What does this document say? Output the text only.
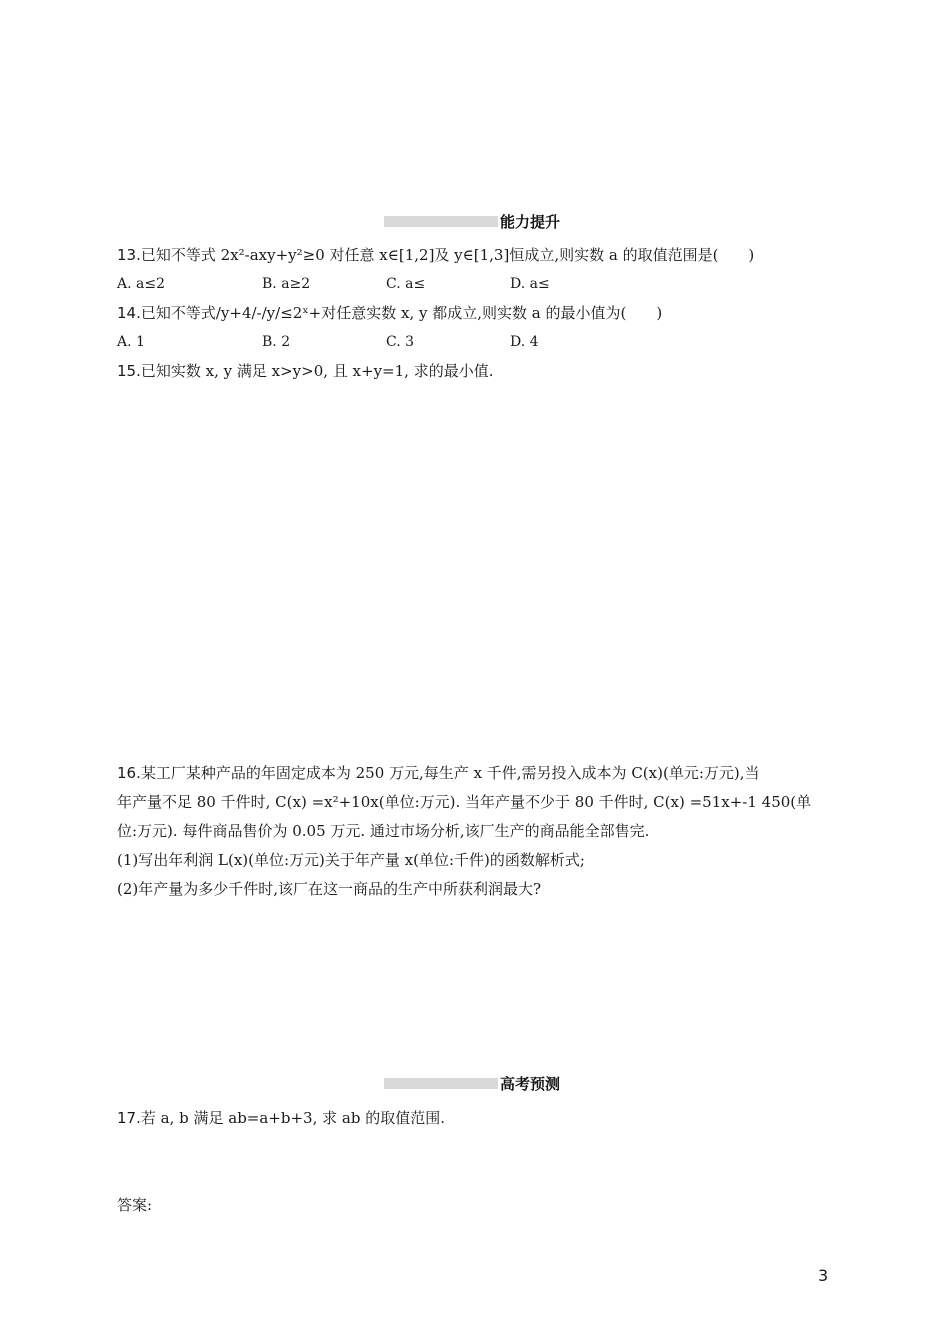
能力提升
13.已知不等式 2x²-axy+y²≥0 对任意 x∈[1,2]及 y∈[1,3]恒成立,则实数 a 的取值范围是(　　)
A. a≤2	B. a≥2	C. a≤	D. a≤
14.已知不等式/y+4/-/y/≤2ˣ+对任意实数 x, y 都成立,则实数 a 的最小值为(　　)
A. 1	B. 2	C. 3	D. 4
15.已知实数 x, y 满足 x>y>0, 且 x+y=1, 求的最小值.
16.某工厂某种产品的年固定成本为 250 万元,每生产 x 千件,需另投入成本为 C(x)(单元:万元),当
年产量不足 80 千件时, C(x) =x²+10x(单位:万元). 当年产量不少于 80 千件时, C(x) =51x+-1 450(单
位:万元). 每件商品售价为 0.05 万元. 通过市场分析,该厂生产的商品能全部售完.
(1)写出年利润 L(x)(单位:万元)关于年产量 x(单位:千件)的函数解析式;
(2)年产量为多少千件时,该厂在这一商品的生产中所获利润最大?
高考预测
17.若 a, b 满足 ab=a+b+3, 求 ab 的取值范围.
答案:
3
